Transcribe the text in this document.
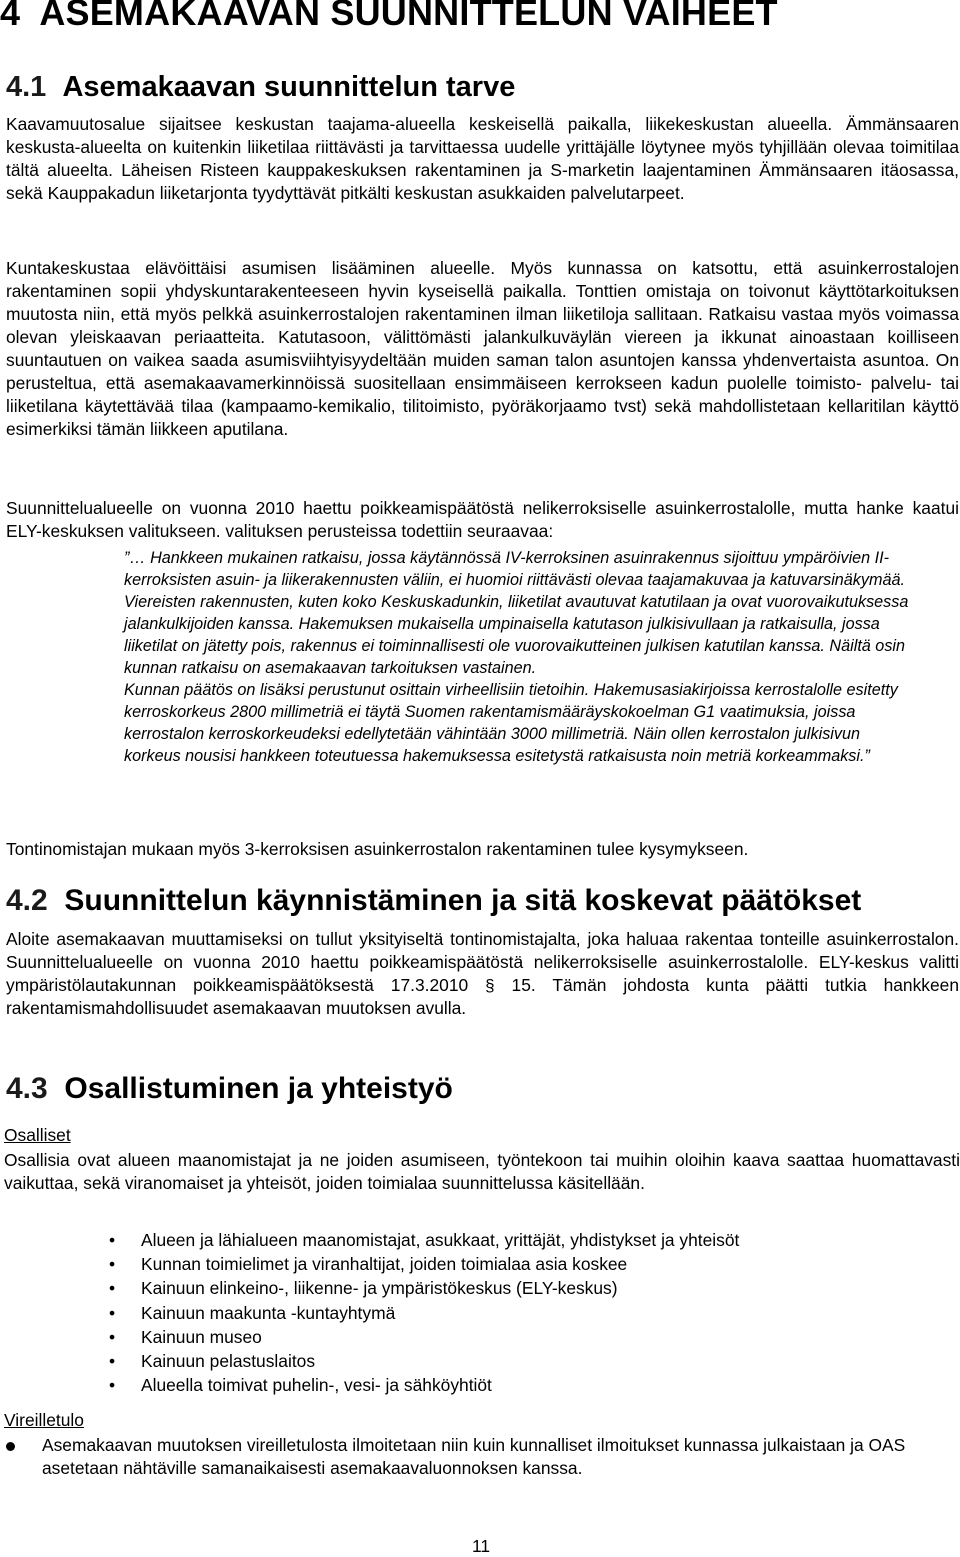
4 ASEMAKAAVAN SUUNNITTELUN VAIHEET
4.1 Asemakaavan suunnittelun tarve
Kaavamuutosalue sijaitsee keskustan taajama-alueella keskeisellä paikalla, liikekeskustan alueella. Ämmänsaaren keskusta-alueelta on kuitenkin liiketilaa riittävästi ja tarvittaessa uudelle yrittäjälle löytynee myös tyhjillään olevaa toimitilaa tältä alueelta. Läheisen Risteen kauppakeskuksen rakentaminen ja S-marketin laajentaminen Ämmänsaaren itäosassa, sekä Kauppakadun liiketarjonta tyydyttävät pitkälti keskustan asukkaiden palvelutarpeet.
Kuntakeskustaa elävöittäisi asumisen lisääminen alueelle. Myös kunnassa on katsottu, että asuinkerrostalojen rakentaminen sopii yhdyskuntarakenteeseen hyvin kyseisellä paikalla. Tonttien omistaja on toivonut käyttötarkoituksen muutosta niin, että myös pelkkä asuinkerrostalojen rakentaminen ilman liiketiloja sallitaan. Ratkaisu vastaa myös voimassa olevan yleiskaavan periaatteita. Katutasoon, välittömästi jalankulkuväylän viereen ja ikkunat ainoastaan koilliseen suuntautuen on vaikea saada asumisviihtyisyydeltään muiden saman talon asuntojen kanssa yhdenvertaista asuntoa. On perusteltua, että asemakaavamerkinnöissä suositellaan ensimmäiseen kerrokseen kadun puolelle toimisto- palvelu- tai liiketilana käytettävää tilaa (kampaamo-kemikalio, tilitoimisto, pyöräkorjaamo tvst) sekä mahdollistetaan kellaritilan käyttö esimerkiksi tämän liikkeen aputilana.
Suunnittelualueelle on vuonna 2010 haettu poikkeamispäätöstä nelikerroksiselle asuinkerrostalolle, mutta hanke kaatui ELY-keskuksen valitukseen. valituksen perusteissa todettiin seuraavaa:

”… Hankkeen mukainen ratkaisu, jossa käytännössä IV-kerroksinen asuinrakennus sijoittuu ympäröivien II-kerroksisten asuin- ja liikerakennusten väliin, ei huomioi riittävästi olevaa taajamakuvaa ja katuvarsinäkymää. Viereisten rakennusten, kuten koko Keskuskadunkin, liiketilat avautuvat katutilaan ja ovat vuorovaikutuksessa jalankulkijoiden kanssa. Hakemuksen mukaisella umpinaisella katutason julkisivullaan ja ratkaisulla, jossa liiketilat on jätetty pois, rakennus ei toiminnallisesti ole vuorovaikutteinen julkisen katutilan kanssa. Näiltä osin kunnan ratkaisu on asemakaavan tarkoituksen vastainen.

Kunnan päätös on lisäksi perustunut osittain virheellisiin tietoihin. Hakemusasiakirjoissa kerrostalolle esitetty kerroskorkeus 2800 millimetriä ei täytä Suomen rakentamismääräyskokoelman G1 vaatimuksia, joissa kerrostalon kerroskorkeudeksi edellytetään vähintään 3000 millimetriä. Näin ollen kerrostalon julkisivun korkeus nousisi hankkeen toteutuessa hakemuksessa esitetystä ratkaisusta noin metriä korkeammaksi.”

Tontinomistajan mukaan myös 3-kerroksisen asuinkerrostalon rakentaminen tulee kysymykseen.
4.2 Suunnittelun käynnistäminen ja sitä koskevat päätökset
Aloite asemakaavan muuttamiseksi on tullut yksityiseltä tontinomistajalta, joka haluaa rakentaa tonteille asuinkerrostalon. Suunnittelualueelle on vuonna 2010 haettu poikkeamispäätöstä nelikerroksiselle asuinkerrostalolle. ELY-keskus valitti ympäristölautakunnan poikkeamispäätöksestä 17.3.2010 § 15. Tämän johdosta kunta päätti tutkia hankkeen rakentamismahdollisuudet asemakaavan muutoksen avulla.
4.3 Osallistuminen ja yhteistyö
Osalliset
Osallisia ovat alueen maanomistajat ja ne joiden asumiseen, työntekoon tai muihin oloihin kaava saattaa huomattavasti vaikuttaa, sekä viranomaiset ja yhteisöt, joiden toimialaa suunnittelussa käsitellään.
• Alueen ja lähialueen maanomistajat, asukkaat, yrittäjät, yhdistykset ja yhteisöt
• Kunnan toimielimet ja viranhaltijat, joiden toimialaa asia koskee
• Kainuun elinkeino-, liikenne- ja ympäristökeskus (ELY-keskus)
• Kainuun maakunta -kuntayhtymä
• Kainuun museo
• Kainuun pelastuslaitos
• Alueella toimivat puhelin-, vesi- ja sähköyhtiöt
Vireilletulo
Asemakaavan muutoksen vireilletulosta ilmoitetaan niin kuin kunnalliset ilmoitukset kunnassa julkaistaan ja OAS asetetaan nähtäville samanaikaisesti asemakaavaluonnoksen kanssa.
11
